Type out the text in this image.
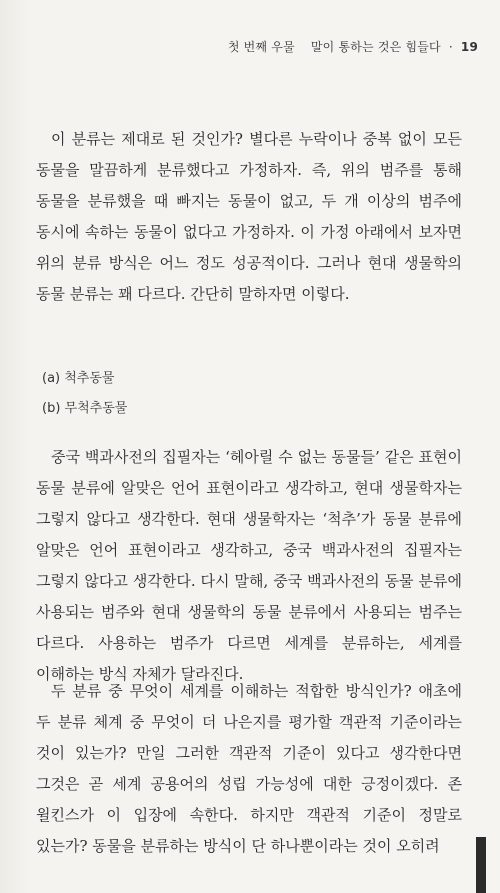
첫 번째 우물 말이 통하는 것은 힘들다 · 19

이 분류는 제대로 된 것인가? 별다른 누락이나 중복 없이 모든 동물을 말끔하게 분류했다고 가정하자. 즉, 위의 범주를 통해 동물을 분류했을 때 빠지는 동물이 없고, 두 개 이상의 범주에 동시에 속하는 동물이 없다고 가정하자. 이 가정 아래에서 보자면 위의 분류 방식은 어느 정도 성공적이다. 그러나 현대 생물학의 동물 분류는 꽤 다르다. 간단히 말하자면 이렇다.

(a) 척추동물
(b) 무척추동물

중국 백과사전의 집필자는 ‘헤아릴 수 없는 동물들’ 같은 표현이 동물 분류에 알맞은 언어 표현이라고 생각하고, 현대 생물학자는 그렇지 않다고 생각한다. 현대 생물학자는 ‘척추’가 동물 분류에 알맞은 언어 표현이라고 생각하고, 중국 백과사전의 집필자는 그렇지 않다고 생각한다. 다시 말해, 중국 백과사전의 동물 분류에 사용되는 범주와 현대 생물학의 동물 분류에서 사용되는 범주는 다르다. 사용하는 범주가 다르면 세계를 분류하는, 세계를 이해하는 방식 자체가 달라진다.

두 분류 중 무엇이 세계를 이해하는 적합한 방식인가? 애초에 두 분류 체계 중 무엇이 더 나은지를 평가할 객관적 기준이라는 것이 있는가? 만일 그러한 객관적 기준이 있다고 생각한다면 그것은 곧 세계 공용어의 성립 가능성에 대한 긍정이겠다. 존 윌킨스가 이 입장에 속한다. 하지만 객관적 기준이 정말로 있는가? 동물을 분류하는 방식이 단 하나뿐이라는 것이 오히려
